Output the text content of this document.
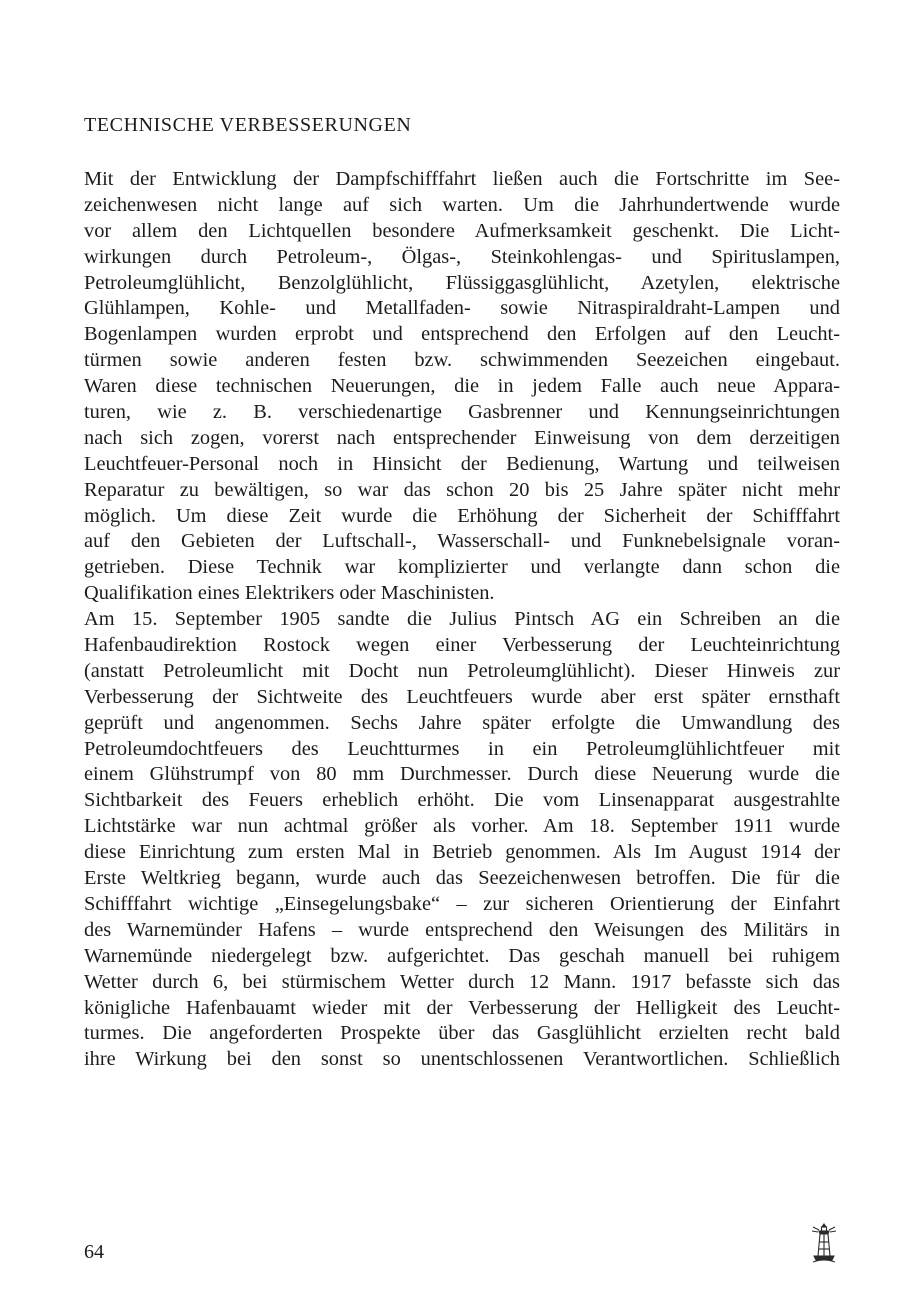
TECHNISCHE VERBESSERUNGEN
Mit der Entwicklung der Dampfschifffahrt ließen auch die Fortschritte im See-
zeichenwesen nicht lange auf sich warten. Um die Jahrhundertwende wurde
vor allem den Lichtquellen besondere Aufmerksamkeit geschenkt. Die Licht-
wirkungen durch Petroleum-, Ölgas-, Steinkohlengas- und Spirituslampen,
Petroleumglühlicht, Benzolglühlicht, Flüssiggasglühlicht, Azetylen, elektrische
Glühlampen, Kohle- und Metallfaden- sowie Nitraspiraldraht-Lampen und
Bogenlampen wurden erprobt und entsprechend den Erfolgen auf den Leucht-
türmen sowie anderen festen bzw. schwimmenden Seezeichen eingebaut.
Waren diese technischen Neuerungen, die in jedem Falle auch neue Appara-
turen, wie z. B. verschiedenartige Gasbrenner und Kennungseinrichtungen
nach sich zogen, vorerst nach entsprechender Einweisung von dem derzeitigen
Leuchtfeuer-Personal noch in Hinsicht der Bedienung, Wartung und teilweisen
Reparatur zu bewältigen, so war das schon 20 bis 25 Jahre später nicht mehr
möglich. Um diese Zeit wurde die Erhöhung der Sicherheit der Schifffahrt
auf den Gebieten der Luftschall-, Wasserschall- und Funknebelsignale voran-
getrieben. Diese Technik war komplizierter und verlangte dann schon die
Qualifikation eines Elektrikers oder Maschinisten.
Am 15. September 1905 sandte die Julius Pintsch AG ein Schreiben an die
Hafenbaudirektion Rostock wegen einer Verbesserung der Leuchteinrichtung
(anstatt Petroleumlicht mit Docht nun Petroleumglühlicht). Dieser Hinweis zur
Verbesserung der Sichtweite des Leuchtfeuers wurde aber erst später ernsthaft
geprüft und angenommen. Sechs Jahre später erfolgte die Umwandlung des
Petroleumdochtfeuers des Leuchtturmes in ein Petroleumglühlichtfeuer mit
einem Glühstrumpf von 80 mm Durchmesser. Durch diese Neuerung wurde die
Sichtbarkeit des Feuers erheblich erhöht. Die vom Linsenapparat ausgestrahlte
Lichtstärke war nun achtmal größer als vorher. Am 18. September 1911 wurde
diese Einrichtung zum ersten Mal in Betrieb genommen. Als Im August 1914 der
Erste Weltkrieg begann, wurde auch das Seezeichenwesen betroffen. Die für die
Schifffahrt wichtige „Einsegelungsbake“ – zur sicheren Orientierung der Einfahrt
des Warnemünder Hafens – wurde entsprechend den Weisungen des Militärs in
Warnemünde niedergelegt bzw. aufgerichtet. Das geschah manuell bei ruhigem
Wetter durch 6, bei stürmischem Wetter durch 12 Mann. 1917 befasste sich das
königliche Hafenbauamt wieder mit der Verbesserung der Helligkeit des Leucht-
turmes. Die angeforderten Prospekte über das Gasglühlicht erzielten recht bald
ihre Wirkung bei den sonst so unentschlossenen Verantwortlichen. Schließlich
64
